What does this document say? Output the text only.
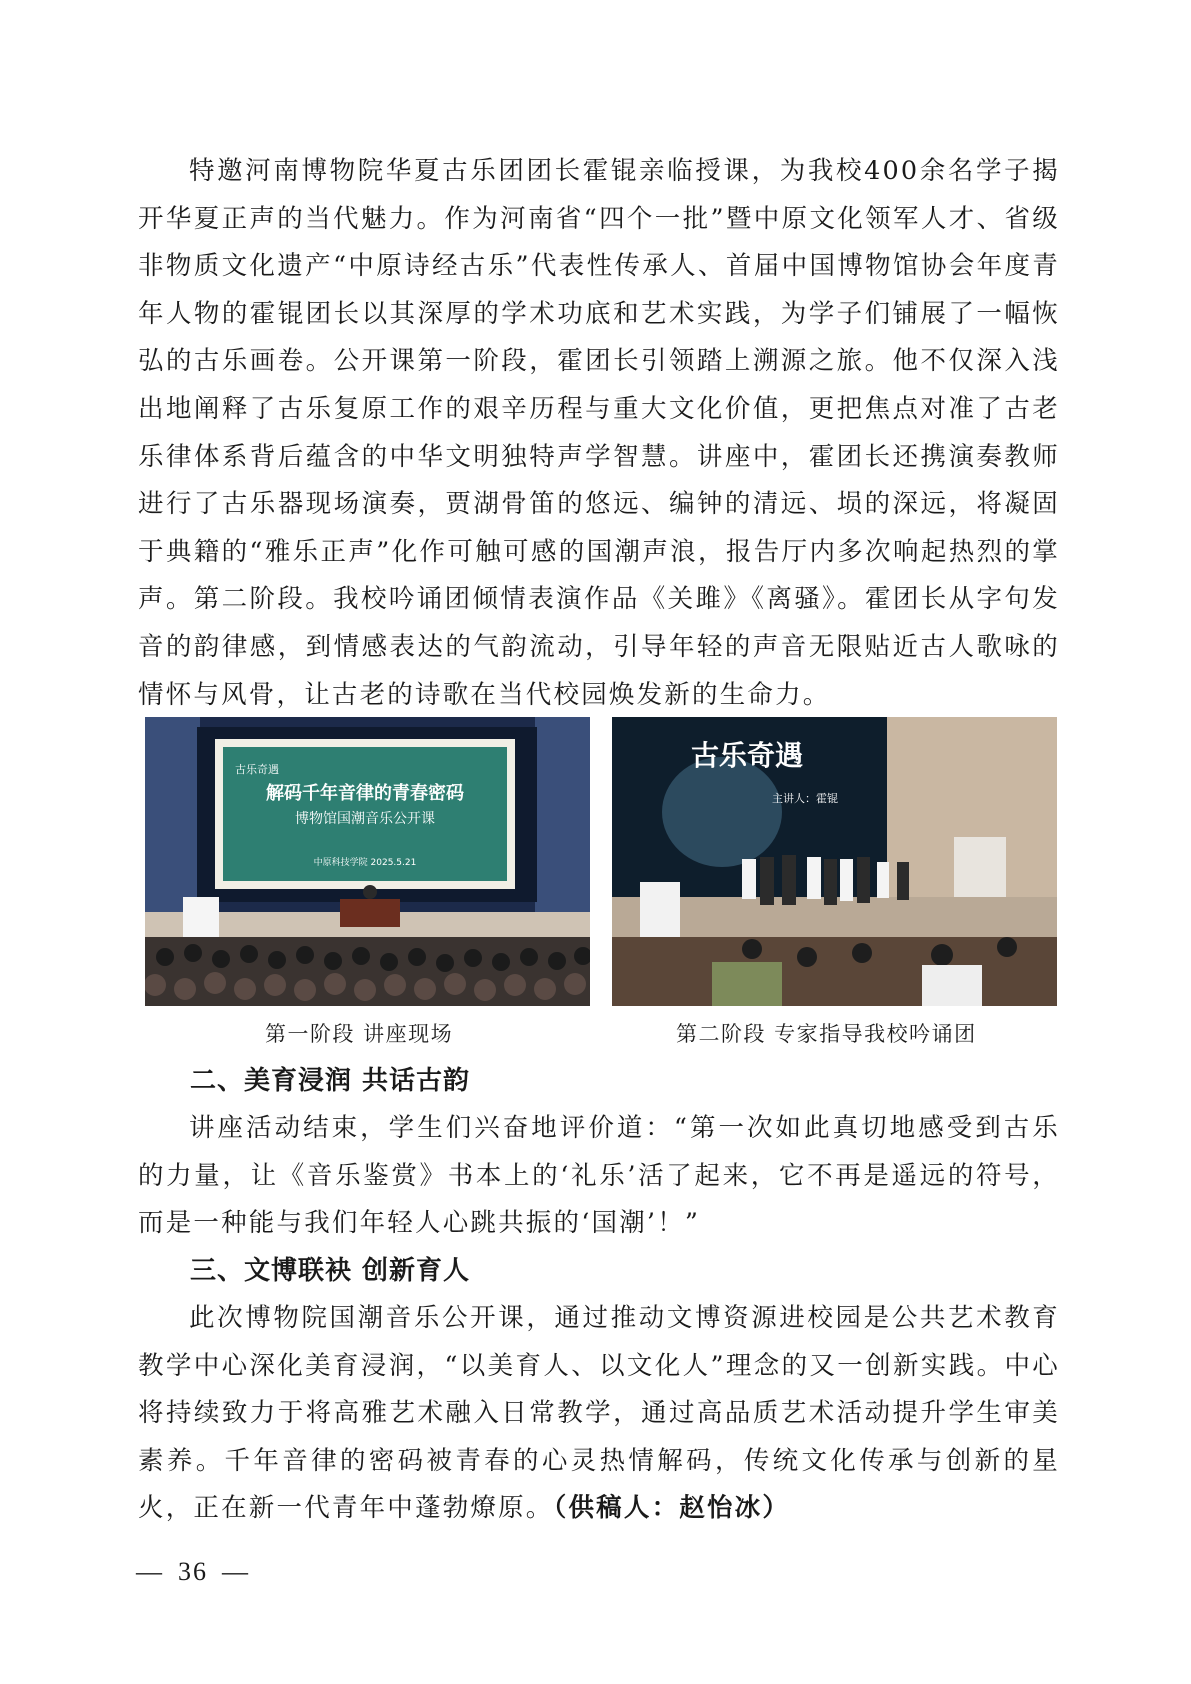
特邀河南博物院华夏古乐团团长霍锟亲临授课，为我校400余名学子揭开华夏正声的当代魅力。作为河南省“四个一批”暨中原文化领军人才、省级非物质文化遗产“中原诗经古乐”代表性传承人、首届中国博物馆协会年度青年人物的霍锟团长以其深厚的学术功底和艺术实践，为学子们铺展了一幅恢弘的古乐画卷。公开课第一阶段，霍团长引领踏上溯源之旅。他不仅深入浅出地阐释了古乐复原工作的艰辛历程与重大文化价值，更把焦点对准了古老乐律体系背后蕴含的中华文明独特声学智慧。讲座中，霍团长还携演奏教师进行了古乐器现场演奏，贾湖骨笛的悠远、编钟的清远、埙的深远，将凝固于典籍的“雅乐正声”化作可触可感的国潮声浪，报告厅内多次响起热烈的掌声。第二阶段。我校吟诵团倾情表演作品《关雎》《离骚》。霍团长从字句发音的韵律感，到情感表达的气韵流动，引导年轻的声音无限贴近古人歌咏的情怀与风骨，让古老的诗歌在当代校园焕发新的生命力。

古乐奇遇
解码千年音律的青春密码
博物馆国潮音乐公开课
中原科技学院 2025.5.21
古乐奇遇
主讲人：霍锟
第一阶段 讲座现场	第二阶段 专家指导我校吟诵团
二、美育浸润 共话古韵

讲座活动结束，学生们兴奋地评价道：“第一次如此真切地感受到古乐的力量，让《音乐鉴赏》书本上的‘礼乐’活了起来，它不再是遥远的符号，而是一种能与我们年轻人心跳共振的‘国潮’！”

三、文博联袂 创新育人

此次博物院国潮音乐公开课，通过推动文博资源进校园是公共艺术教育教学中心深化美育浸润，“以美育人、以文化人”理念的又一创新实践。中心将持续致力于将高雅艺术融入日常教学，通过高品质艺术活动提升学生审美素养。千年音律的密码被青春的心灵热情解码，传统文化传承与创新的星火，正在新一代青年中蓬勃燎原。（供稿人：赵怡冰）

— 36 —
